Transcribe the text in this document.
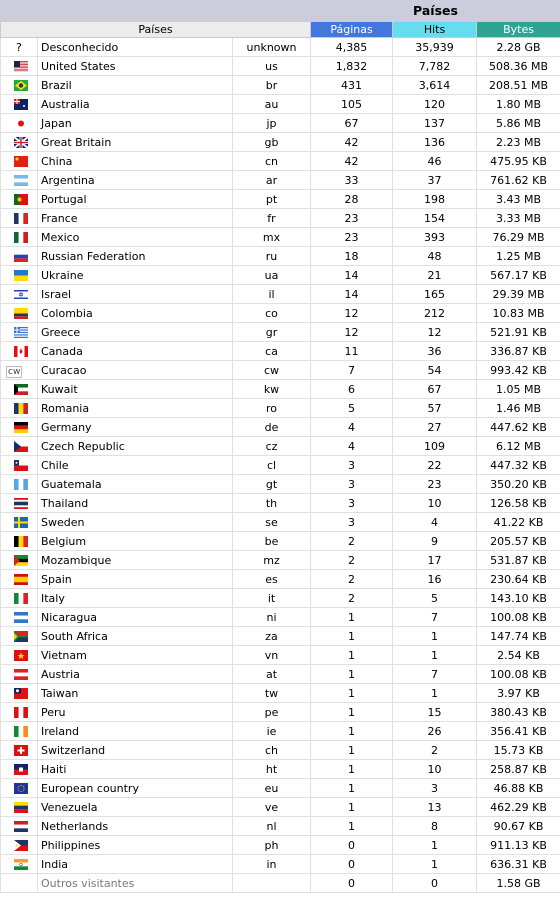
Países
Países			Páginas	Hits	Bytes
?	Desconhecido	unknown	4,385	35,939	2.28 GB
	United States	us	1,832	7,782	508.36 MB
	Brazil	br	431	3,614	208.51 MB
	Australia	au	105	120	1.80 MB
	Japan	jp	67	137	5.86 MB
	Great Britain	gb	42	136	2.23 MB
	China	cn	42	46	475.95 KB
	Argentina	ar	33	37	761.62 KB
	Portugal	pt	28	198	3.43 MB
	France	fr	23	154	3.33 MB
	Mexico	mx	23	393	76.29 MB
	Russian Federation	ru	18	48	1.25 MB
	Ukraine	ua	14	21	567.17 KB
	Israel	il	14	165	29.39 MB
	Colombia	co	12	212	10.83 MB
	Greece	gr	12	12	521.91 KB
	Canada	ca	11	36	336.87 KB
cw	Curacao	cw	7	54	993.42 KB
	Kuwait	kw	6	67	1.05 MB
	Romania	ro	5	57	1.46 MB
	Germany	de	4	27	447.62 KB
	Czech Republic	cz	4	109	6.12 MB
	Chile	cl	3	22	447.32 KB
	Guatemala	gt	3	23	350.20 KB
	Thailand	th	3	10	126.58 KB
	Sweden	se	3	4	41.22 KB
	Belgium	be	2	9	205.57 KB
	Mozambique	mz	2	17	531.87 KB
	Spain	es	2	16	230.64 KB
	Italy	it	2	5	143.10 KB
	Nicaragua	ni	1	7	100.08 KB
	South Africa	za	1	1	147.74 KB
	Vietnam	vn	1	1	2.54 KB
	Austria	at	1	7	100.08 KB
	Taiwan	tw	1	1	3.97 KB
	Peru	pe	1	15	380.43 KB
	Ireland	ie	1	26	356.41 KB
	Switzerland	ch	1	2	15.73 KB
	Haiti	ht	1	10	258.87 KB
	European country	eu	1	3	46.88 KB
	Venezuela	ve	1	13	462.29 KB
	Netherlands	nl	1	8	90.67 KB
	Philippines	ph	0	1	911.13 KB
	India	in	0	1	636.31 KB
	Outros visitantes		0	0	1.58 GB
